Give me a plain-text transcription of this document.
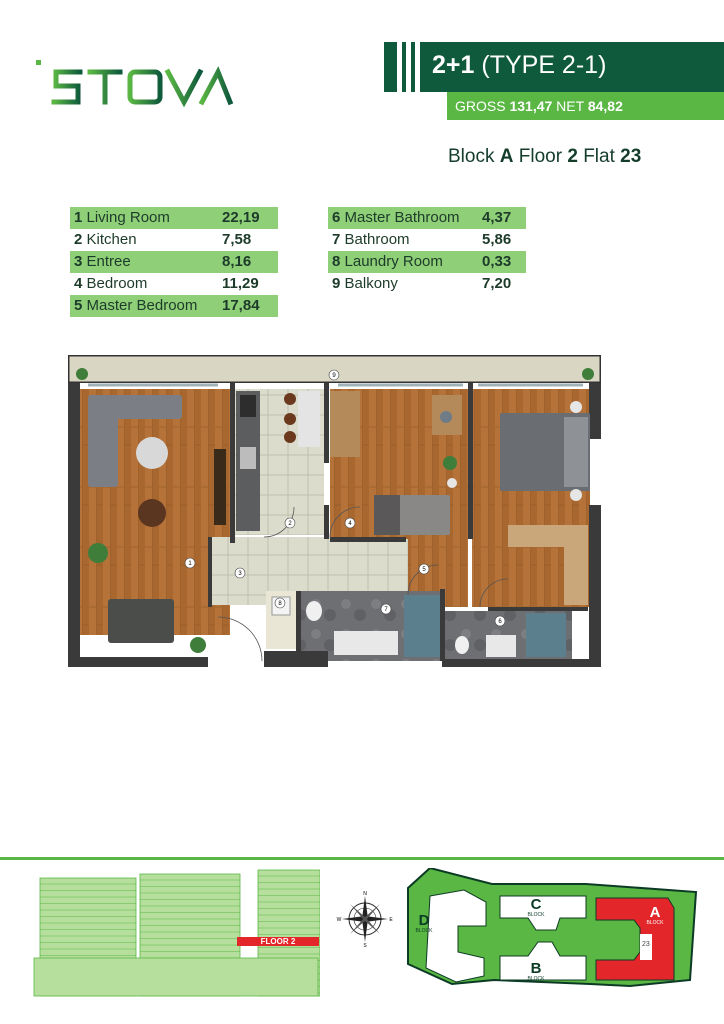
2+1 (TYPE 2-1)
GROSS 131,47 NET 84,82
Block A Floor 2 Flat 23
1 Living Room	22,19
2 Kitchen	7,58
3 Entree	8,16
4 Bedroom	11,29
5 Master Bedroom 17,84
6 Master Bathroom 4,37
7 Bathroom	5,86
8 Laundry Room	0,33
9 Balkony	7,20
1
2
3
4
5
6
7
8
9
FLOOR 2
N
S
E
W	D
BLOCK
C
BLOCK
B
BLOCK
A
BLOCK
23
